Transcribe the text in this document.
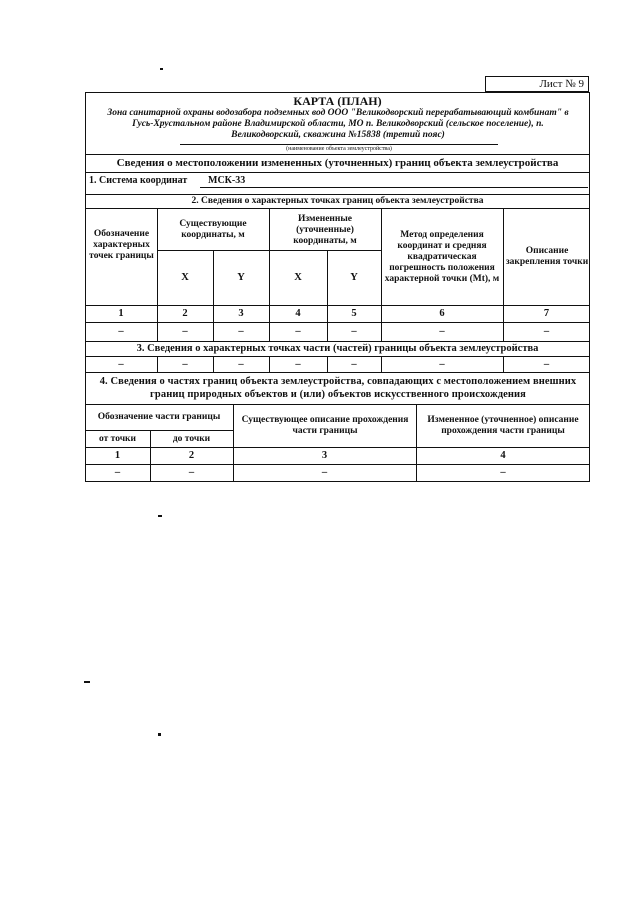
Лист № 9
КАРТА (ПЛАН)
Зона санитарной охраны водозабора подземных вод ООО "Великодворский перерабатывающий комбинат" в Гусь-Хрустальном районе Владимирской области, МО п. Великодворский (сельское поселение), п. Великодворский, скважина №15838 (третий пояс)
(наименование объекта землеустройства)
Сведения о местоположении измененных (уточненных) границ объекта землеустройства
1. Система координат МСК-33
2. Сведения о характерных точках границ объекта землеустройства
Обозначение характерных точек границы
Существующие координаты, м
Измененные (уточненные) координаты, м
Метод определения координат и средняя квадратическая погрешность положения характерной точки (Mt), м
Описание закрепления точки
X	Y	X	Y
1	2	3	4	5	6	7
–	–	–	–	–	–	–
3. Сведения о характерных точках части (частей) границы объекта землеустройства
–	–	–	–	–	–	–
4. Сведения о частях границ объекта землеустройства, совпадающих с местоположением внешних границ природных объектов и (или) объектов искусственного происхождения
Обозначение части границы
от точки	до точки
Существующее описание прохождения части границы
Измененное (уточненное) описание прохождения части границы
1	2	3	4
–	–	–	–
